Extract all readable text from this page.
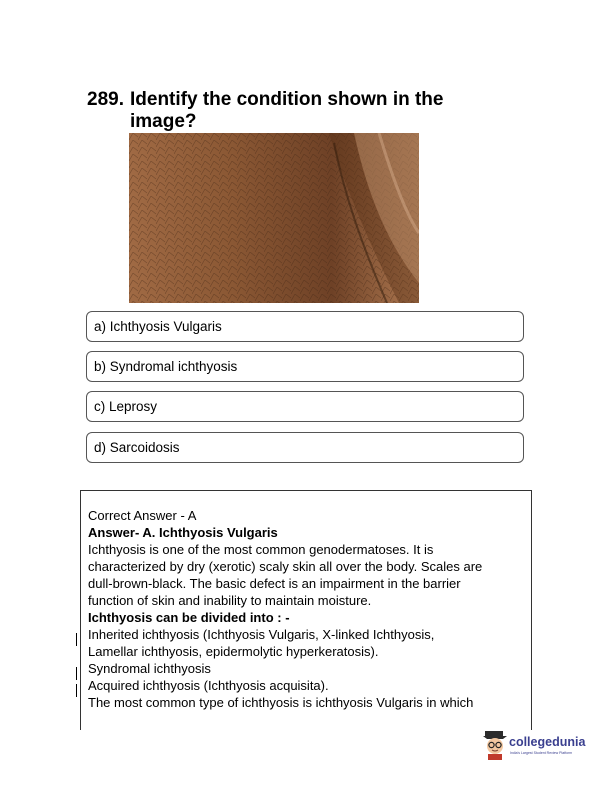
289. Identify the condition shown in the image?
a) Ichthyosis Vulgaris
b) Syndromal ichthyosis
c) Leprosy
d) Sarcoidosis
Correct Answer - A
Answer- A. Ichthyosis Vulgaris
Ichthyosis is one of the most common genodermatoses. It is
characterized by dry (xerotic) scaly skin all over the body. Scales are
dull-brown-black. The basic defect is an impairment in the barrier
function of skin and inability to maintain moisture.
Ichthyosis can be divided into : -
Inherited ichthyosis (Ichthyosis Vulgaris, X-linked Ichthyosis,
Lamellar ichthyosis, epidermolytic hyperkeratosis).
Syndromal ichthyosis
Acquired ichthyosis (Ichthyosis acquisita).
The most common type of ichthyosis is ichthyosis Vulgaris in which
collegedunia
India's Largest Student Review Platform
